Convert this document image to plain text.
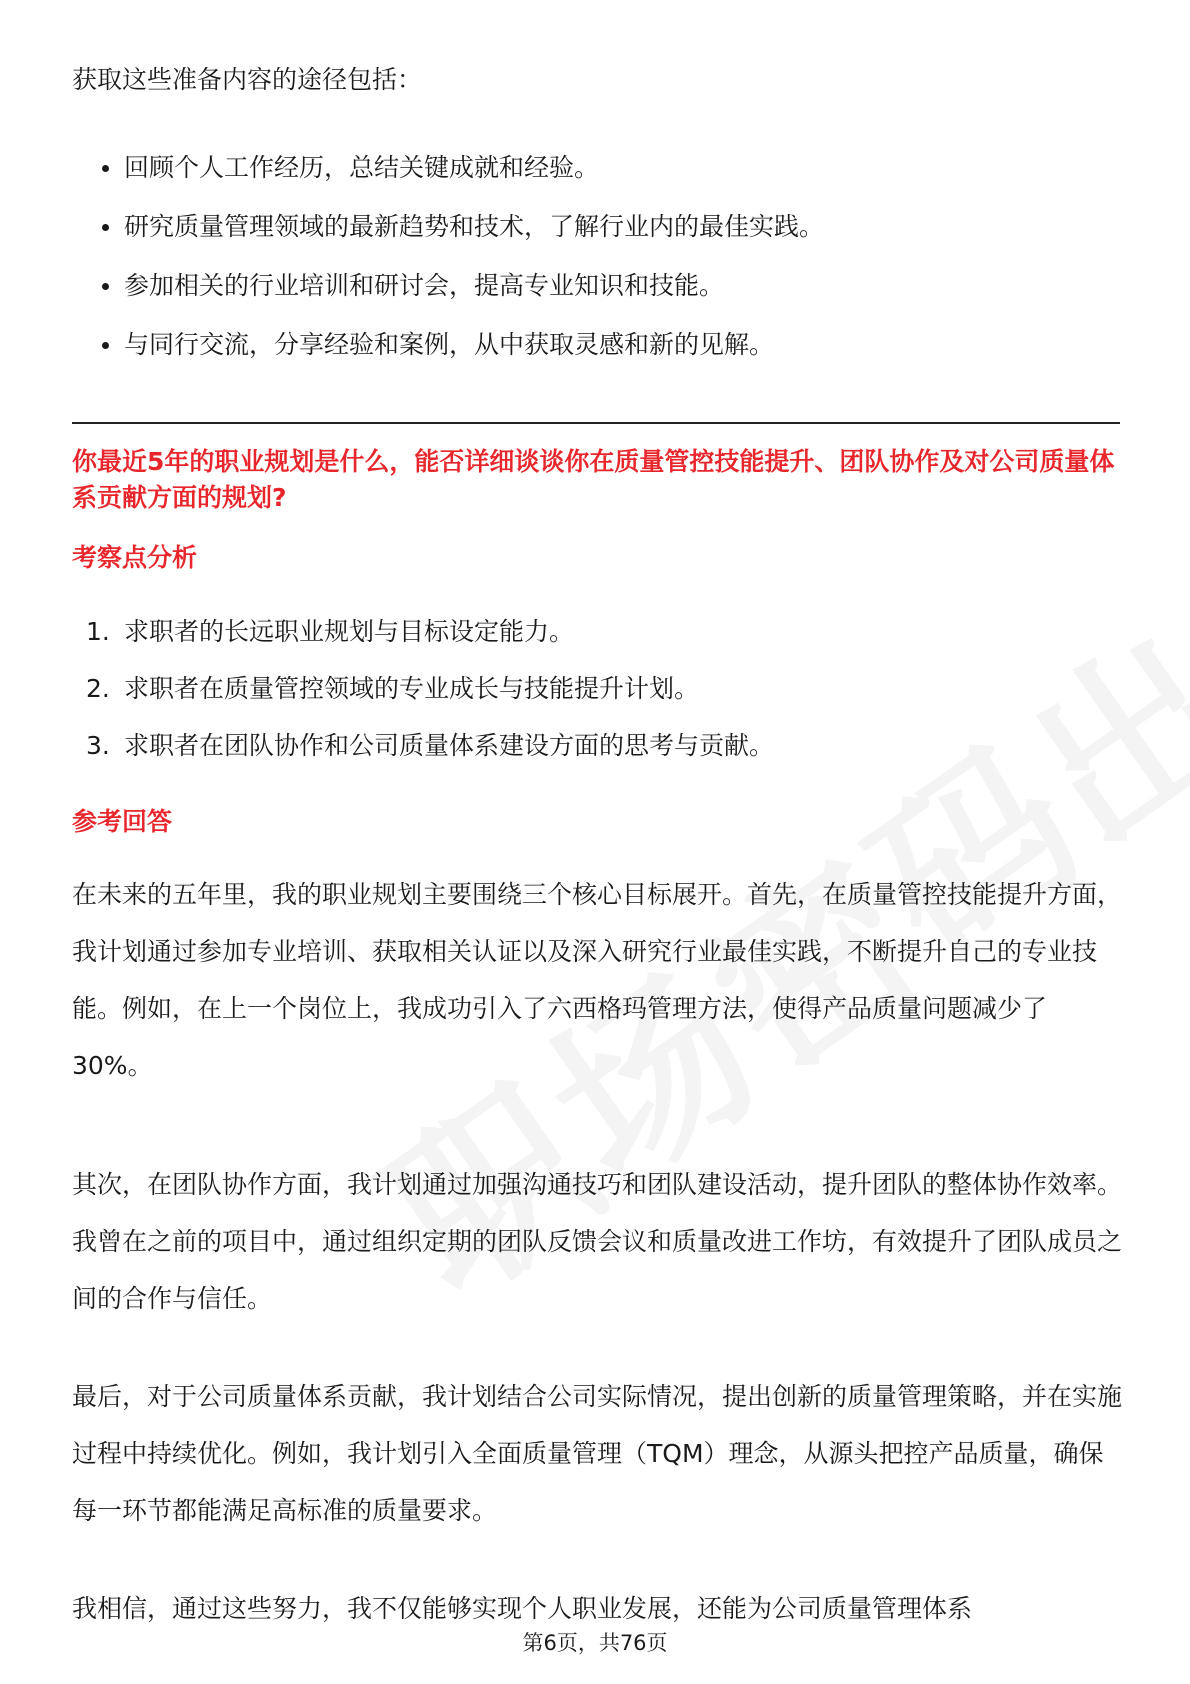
获取这些准备内容的途径包括：

回顾个人工作经历，总结关键成就和经验。
研究质量管理领域的最新趋势和技术，了解行业内的最佳实践。
参加相关的行业培训和研讨会，提高专业知识和技能。
与同行交流，分享经验和案例，从中获取灵感和新的见解。
你最近5年的职业规划是什么，能否详细谈谈你在质量管控技能提升、团队协作及对公司质量体系贡献方面的规划?
考察点分析
1. 求职者的长远职业规划与目标设定能力。
2. 求职者在质量管控领域的专业成长与技能提升计划。
3. 求职者在团队协作和公司质量体系建设方面的思考与贡献。
参考回答

在未来的五年里，我的职业规划主要围绕三个核心目标展开。首先，在质量管控技能提升方面，我计划通过参加专业培训、获取相关认证以及深入研究行业最佳实践，不断提升自己的专业技能。例如，在上一个岗位上，我成功引入了六西格玛管理方法，使得产品质量问题减少了30%。

其次，在团队协作方面，我计划通过加强沟通技巧和团队建设活动，提升团队的整体协作效率。我曾在之前的项目中，通过组织定期的团队反馈会议和质量改进工作坊，有效提升了团队成员之间的合作与信任。

最后，对于公司质量体系贡献，我计划结合公司实际情况，提出创新的质量管理策略，并在实施过程中持续优化。例如，我计划引入全面质量管理（TQM）理念，从源头把控产品质量，确保每一环节都能满足高标准的质量要求。

我相信，通过这些努力，我不仅能够实现个人职业发展，还能为公司质量管理体系

第6页，共76页
